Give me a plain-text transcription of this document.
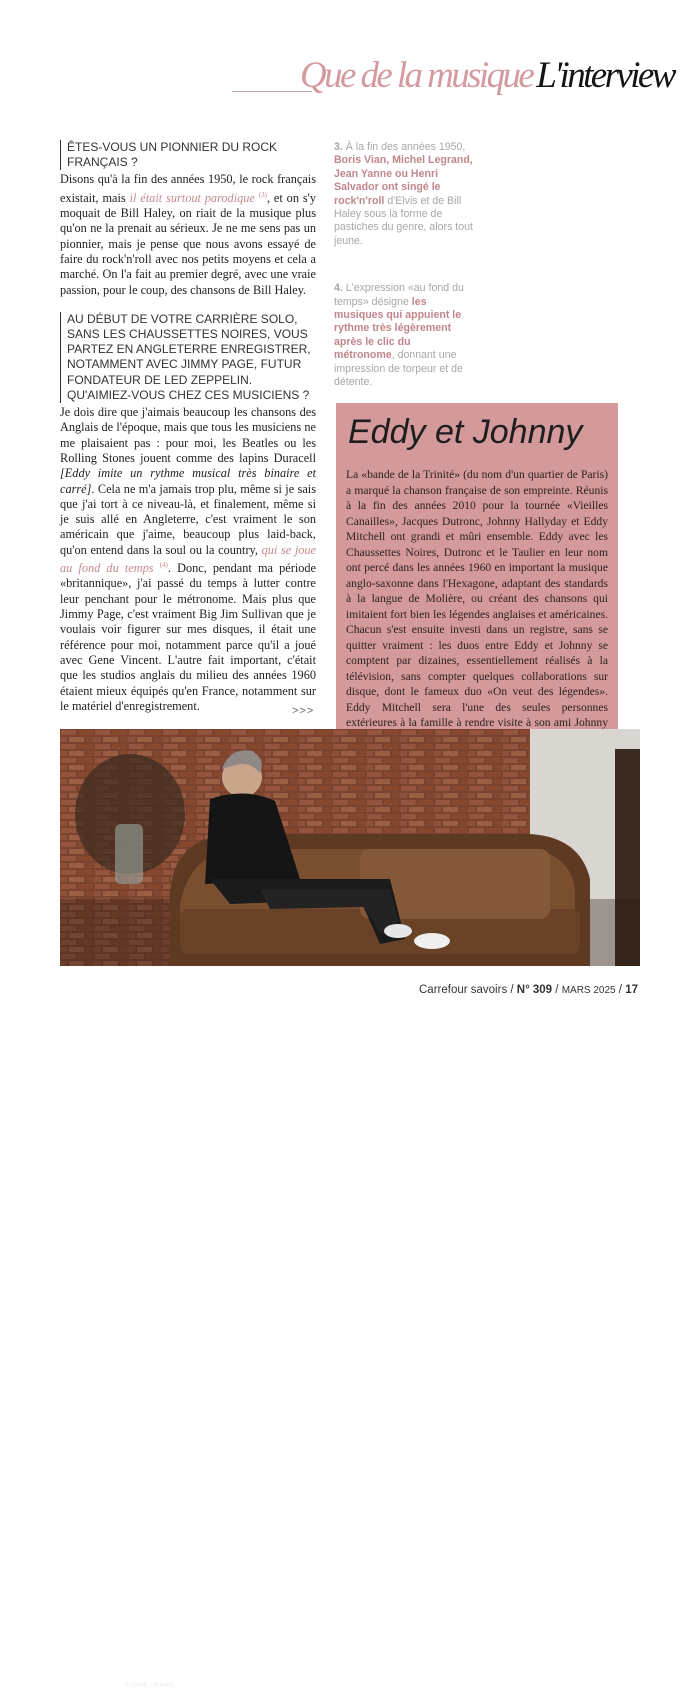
Que de la musique L'interview
ÊTES-VOUS UN PIONNIER DU ROCK FRANÇAIS ?

Disons qu'à la fin des années 1950, le rock français existait, mais il était surtout parodique $^{(3)}$, et on s'y moquait de Bill Haley, on riait de la musique plus qu'on ne la prenait au sérieux. Je ne me sens pas un pionnier, mais je pense que nous avons essayé de faire du rock'n'roll avec nos petits moyens et cela a marché. On l'a fait au premier degré, avec une vraie passion, pour le coup, des chansons de Bill Haley.

AU DÉBUT DE VOTRE CARRIÈRE SOLO, SANS LES CHAUSSETTES NOIRES, VOUS PARTEZ EN ANGLETERRE ENREGISTRER, NOTAMMENT AVEC JIMMY PAGE, FUTUR FONDATEUR DE LED ZEPPELIN. QU'AIMIEZ-VOUS CHEZ CES MUSICIENS ?

Je dois dire que j'aimais beaucoup les chansons des Anglais de l'époque, mais que tous les musiciens ne me plaisaient pas : pour moi, les Beatles ou les Rolling Stones jouent comme des lapins Duracell [Eddy imite un rythme musical très binaire et carré]. Cela ne m'a jamais trop plu, même si je sais que j'ai tort à ce niveau-là, et finalement, même si je suis allé en Angleterre, c'est vraiment le son américain que j'aime, beaucoup plus laid-back, qu'on entend dans la soul ou la country, qui se joue au fond du temps $^{(4)}$. Donc, pendant ma période «britannique», j'ai passé du temps à lutter contre leur penchant pour le métronome. Mais plus que Jimmy Page, c'est vraiment Big Jim Sullivan que je voulais voir figurer sur mes disques, il était une référence pour moi, notamment parce qu'il a joué avec Gene Vincent. L'autre fait important, c'était que les studios anglais du milieu des années 1960 étaient mieux équipés qu'en France, notamment sur le matériel d'enregistrement.	>>>
3. À la fin des années 1950, Boris Vian, Michel Legrand, Jean Yanne ou Henri Salvador ont singé le rock'n'roll d'Elvis et de Bill Haley sous la forme de pastiches du genre, alors tout jeune.
4. L'expression «au fond du temps» désigne les musiques qui appuient le rythme très légèrement après le clic du métronome, donnant une impression de torpeur et de détente.
Eddy et Johnny
La «bande de la Trinité» (du nom d'un quartier de Paris) a marqué la chanson française de son empreinte. Réunis à la fin des années 2010 pour la tournée «Vieilles Canailles», Jacques Dutronc, Johnny Hallyday et Eddy Mitchell ont grandi et mûri ensemble. Eddy avec les Chaussettes Noires, Dutronc et le Taulier en leur nom ont percé dans les années 1960 en important la musique anglo-saxonne dans l'Hexagone, adaptant des standards à la langue de Molière, ou créant des chansons qui imitaient fort bien les légendes anglaises et américaines. Chacun s'est ensuite investi dans un registre, sans se quitter vraiment : les duos entre Eddy et Johnny se comptent par dizaines, essentiellement réalisés à la télévision, sans compter quelques collaborations sur disque, dont le fameux duo «On veut des légendes». Eddy Mitchell sera l'une des seules personnes extérieures à la famille à rendre visite à son ami Johnny
© YANN ORHAN
Carrefour savoirs / N° 309 / MARS 2025 / 17
